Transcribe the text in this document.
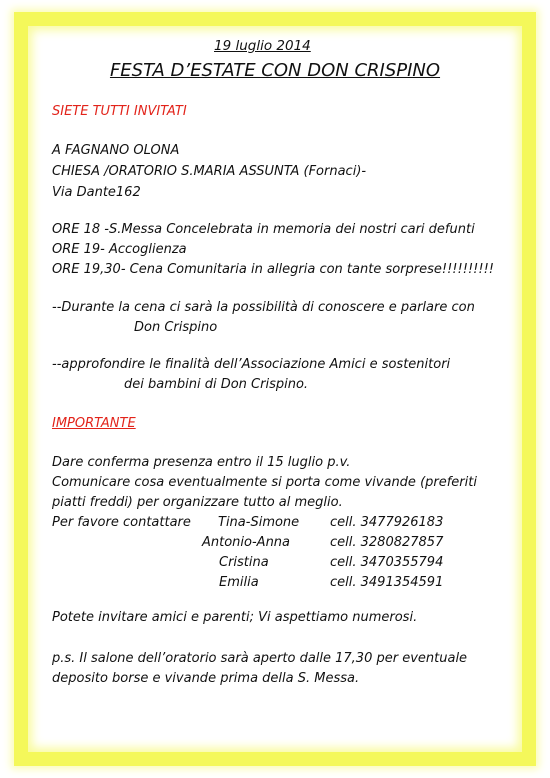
19 luglio 2014

FESTA D’ESTATE CON DON CRISPINO

SIETE TUTTI INVITATI

A FAGNANO OLONA

CHIESA /ORATORIO S.MARIA ASSUNTA (Fornaci)-

Via Dante162

ORE 18 -S.Messa Concelebrata in memoria dei nostri cari defunti

ORE 19- Accoglienza

ORE 19,30- Cena Comunitaria in allegria con tante sorprese!!!!!!!!!!

--Durante la cena ci sarà la possibilità di conoscere e parlare con

Don Crispino

--approfondire le finalità dell’Associazione Amici e sostenitori

dei bambini di Don Crispino.

IMPORTANTE

Dare conferma presenza entro il 15 luglio p.v.

Comunicare cosa eventualmente si porta come vivande (preferiti

piatti freddi) per organizzare tutto al meglio.

Per favore contattare Tina-Simone cell. 3477926183

Antonio-Anna	cell. 3280827857

Cristina	cell. 3470355794

Emilia	cell. 3491354591

Potete invitare amici e parenti; Vi aspettiamo numerosi.

p.s. Il salone dell’oratorio sarà aperto dalle 17,30 per eventuale

deposito borse e vivande prima della S. Messa.
